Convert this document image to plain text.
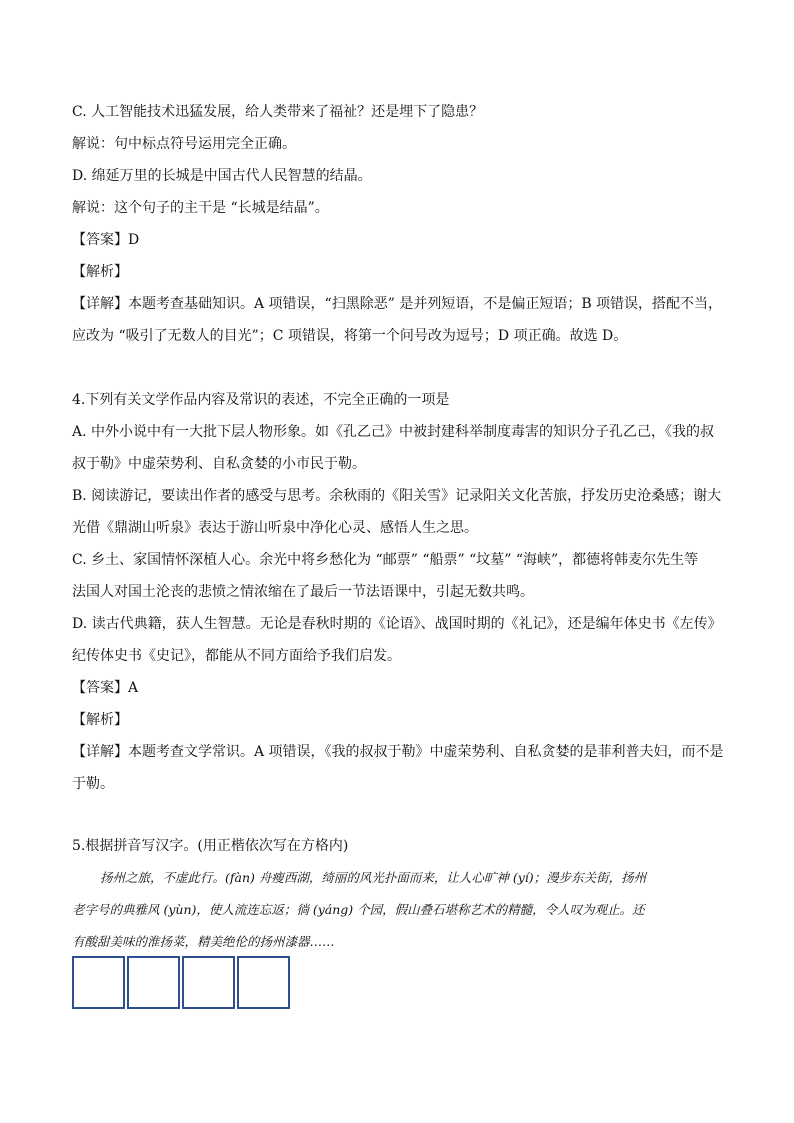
C. 人工智能技术迅猛发展，给人类带来了福祉？还是埋下了隐患？
解说：句中标点符号运用完全正确。
D. 绵延万里的长城是中国古代人民智慧的结晶。
解说：这个句子的主干是 “长城是结晶”。
【答案】D
【解析】
【详解】本题考查基础知识。A 项错误，“扫黑除恶” 是并列短语，不是偏正短语；B 项错误，搭配不当，
应改为 “吸引了无数人的目光”；C 项错误，将第一个问号改为逗号；D 项正确。故选 D。
4.下列有关文学作品内容及常识的表述，不完全正确的一项是
A. 中外小说中有一大批下层人物形象。如《孔乙己》中被封建科举制度毒害的知识分子孔乙己，《我的叔
叔于勒》中虚荣势利、自私贪婪的小市民于勒。
B. 阅读游记，要读出作者的感受与思考。余秋雨的《阳关雪》记录阳关文化苦旅，抒发历史沧桑感；谢大
光借《鼎湖山听泉》表达于游山听泉中净化心灵、感悟人生之思。
C. 乡土、家国情怀深植人心。余光中将乡愁化为 “邮票” “船票” “坟墓” “海峡”，都德将韩麦尔先生等
法国人对国土沦丧的悲愤之情浓缩在了最后一节法语课中，引起无数共鸣。
D. 读古代典籍，获人生智慧。无论是春秋时期的《论语》、战国时期的《礼记》，还是编年体史书《左传》
纪传体史书《史记》，都能从不同方面给予我们启发。
【答案】A
【解析】
【详解】本题考查文学常识。A 项错误，《我的叔叔于勒》中虚荣势利、自私贪婪的是菲利普夫妇，而不是
于勒。
5.根据拼音写汉字。(用正楷依次写在方格内)
扬州之旅，不虚此行。(fàn) 舟瘦西湖，绮丽的风光扑面而来，让人心旷神 (yí)；漫步东关街，扬州
老字号的典雅风 (yùn)，使人流连忘返；徜 (yáng) 个园，假山叠石堪称艺术的精髓，令人叹为观止。还
有酸甜美味的淮扬菜，精美绝伦的扬州漆器……
